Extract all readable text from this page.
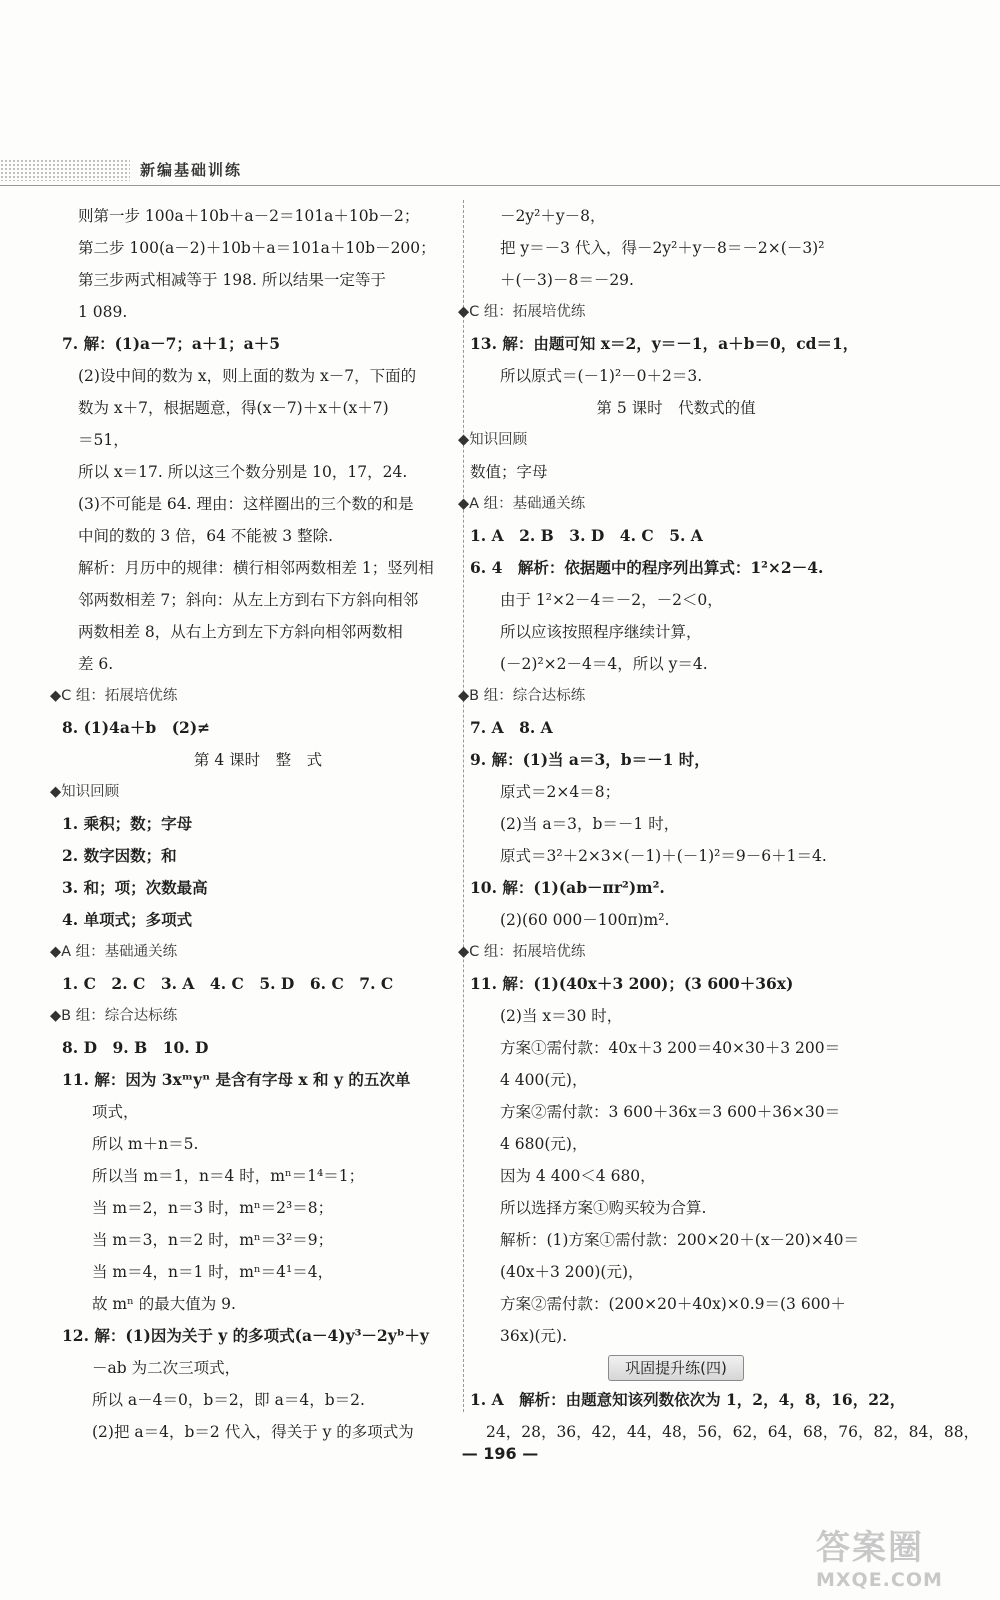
新编基础训练
则第一步 100a＋10b＋a－2＝101a＋10b－2；
第二步 100(a－2)＋10b＋a＝101a＋10b－200；
第三步两式相减等于 198. 所以结果一定等于
1 089.
7. 解：(1)a－7；a＋1；a＋5
(2)设中间的数为 x，则上面的数为 x－7，下面的
数为 x＋7，根据题意，得(x－7)＋x＋(x＋7)
＝51，
所以 x＝17. 所以这三个数分别是 10，17，24.
(3)不可能是 64. 理由：这样圈出的三个数的和是
中间的数的 3 倍，64 不能被 3 整除.
解析：月历中的规律：横行相邻两数相差 1；竖列相
邻两数相差 7；斜向：从左上方到右下方斜向相邻
两数相差 8，从右上方到左下方斜向相邻两数相
差 6.
◆C 组：拓展培优练
8. (1)4a＋b　(2)≠
第 4 课时　整　式
◆知识回顾
1. 乘积；数；字母
2. 数字因数；和
3. 和；项；次数最高
4. 单项式；多项式
◆A 组：基础通关练
1. C　2. C　3. A　4. C　5. D　6. C　7. C
◆B 组：综合达标练
8. D　9. B　10. D
11. 解：因为 3xᵐyⁿ 是含有字母 x 和 y 的五次单
项式，
所以 m＋n＝5.
所以当 m＝1，n＝4 时，mⁿ＝1⁴＝1；
当 m＝2，n＝3 时，mⁿ＝2³＝8；
当 m＝3，n＝2 时，mⁿ＝3²＝9；
当 m＝4，n＝1 时，mⁿ＝4¹＝4，
故 mⁿ 的最大值为 9.
12. 解：(1)因为关于 y 的多项式(a－4)y³－2yᵇ＋y
－ab 为二次三项式，
所以 a－4＝0，b＝2，即 a＝4，b＝2.
(2)把 a＝4，b＝2 代入，得关于 y 的多项式为
－2y²＋y－8，
把 y＝－3 代入，得－2y²＋y－8＝－2×(－3)²
＋(－3)－8＝－29.
◆C 组：拓展培优练
13. 解：由题可知 x＝2，y＝－1，a＋b＝0，cd＝1，
所以原式＝(－1)²－0＋2＝3.
第 5 课时　代数式的值
◆知识回顾
数值；字母
◆A 组：基础通关练
1. A　2. B　3. D　4. C　5. A
6. 4　解析：依据题中的程序列出算式：1²×2－4.
由于 1²×2－4＝－2，－2＜0，
所以应该按照程序继续计算，
(－2)²×2－4＝4，所以 y＝4.
◆B 组：综合达标练
7. A　8. A
9. 解：(1)当 a＝3，b＝－1 时，
原式＝2×4＝8；
(2)当 a＝3，b＝－1 时，
原式＝3²＋2×3×(－1)＋(－1)²＝9－6＋1＝4.
10. 解：(1)(ab－πr²)m².
(2)(60 000－100π)m².
◆C 组：拓展培优练
11. 解：(1)(40x＋3 200)；(3 600＋36x)
(2)当 x＝30 时，
方案①需付款：40x＋3 200＝40×30＋3 200＝
4 400(元)，
方案②需付款：3 600＋36x＝3 600＋36×30＝
4 680(元)，
因为 4 400＜4 680，
所以选择方案①购买较为合算.
解析：(1)方案①需付款：200×20＋(x－20)×40＝
(40x＋3 200)(元)，
方案②需付款：(200×20＋40x)×0.9＝(3 600＋
36x)(元).
巩固提升练(四)
1. A　解析：由题意知该列数依次为 1，2，4，8，16，22，
24，28，36，42，44，48，56，62，64，68，76，82，84，88，
— 196 —
答案圈
MXQE.COM
